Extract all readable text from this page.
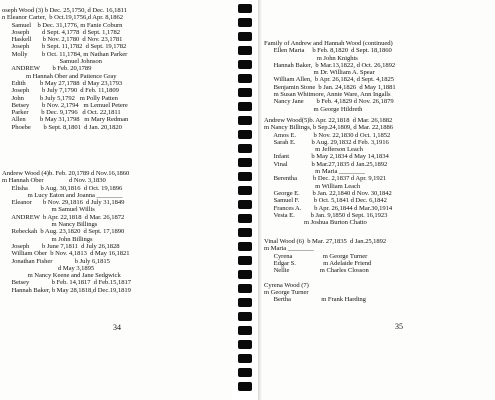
oseph Wood (3) b Dec. 25,1750, d Dec. 16,1811
n Eleanor Carter,  b Oct.19,1756,d Apr. 8,1862
Samuel    b Dec. 31,1776, m Fanie Coburn
Joseph        d Sept. 4,1778  d Sept. 1,1782
Haskell       b Nov. 2,1780  d Nov. 23,1781
Joseph        b Sept. 11,1782  d Sept. 19,1782
Molly         b Oct. 11,1784, m Nathan Parker
Samuel Johnson
ANDREW        b Feb. 20,1789
m Hannah Ober and Patience Gray
Edith         b May 27,1788  d May 23,1793
Joseph        b July 7,1790  d Feb. 11,1809
John          b July 5,1792   m Polly Patten
Betsey        b Nov. 2,1794   m Lemuel Petere
Parker        b Dec. 9,1796   d Oct. 22,1811
Allen         b May 31,1798   m Mary Redman
Phoebe        b Sept. 8,1801  d Jan. 20,1820
Andrew Wood (4)b. Feb. 20,1789 d Nov.16,1860
m Hannah Ober                d Nov. 3,1830
Elisha        b Aug. 30,1816  d Oct. 19,1896
m Lucy Eaton and Joanna ________
Eleanor       b Nov. 29,1816  d July 31,1849
m Samuel Willis
ANDREW  b Apr. 22,1818  d Mar. 26,1872
m Nancy Billings
Rebeckah  b Aug. 23,1820  d Sept. 17,1890
m John Billings
Joseph        b June 7,1811  d July 26,1828
William Ober  b Nov. 4,1813  d May 16,1821
Jonathan Fisher              b July 6,1815
d May 3,1895
m Nancy Keene and Jane Sedgwick
Betsey              b Feb. 14,1817  d Feb.15,1817
Hannah Baker, b May 28,1818,d Dec.19,1819
34
Family of Andrew and Hannah Wood (continued)
Ellen Maria     b Feb. 8,1820  d Sept. 18,1860
m John Knights
Hannah Baker,  b Mar.13,1822, d Oct. 26,1892
m Dr. William A. Spear
William Allen,  b Apr. 26,1824, d Sept. 4,1825
Benjamin Stone  b Jan. 24,1826  d May 1,1881
m Susan Whitmore, Annie Ware, Ann Ingalls
Nancy Jane        b Feb. 4,1829 d Nov. 26,1879
m George Hildreth
Andrew Wood(5)b. Apr. 22,1818  d Mar. 26,1882
m Nancy Billings, b Sep.24,1809, d Mar. 22,1886
Amos E.           b Nov. 22,1830 d Oct. 1,1852
Sarah E.          b Aug. 29,1832 d Feb. 3,1916
m Jefferson Leach
Infant              b May 2,1834 d May 14,1834
Vinal               b Mar.27,1835 d Jan.25,1892
m Maria ________
Berentha          b Dec. 2,1837 d Apr. 9,1921
m William Leach
George E.        b Jan. 22,1840 d Nov. 30,1842
Samuel F.         b Oct. 5,1841 d Dec. 6,1842
Frances A.        b Apr. 26,1844 d Mar.30,1914
Vesta E.          b Jan. 9,1850 d Sept. 16,1923
m Joshua Burton Chatto
Vinal Wood (6)  b Mar. 27,1835  d Jan.25,1892
m Maria ________
Cyrena                   m George Turner
Edgar S.                 m Adelaide Friend
Nellie                   m Charles Closson

Cyrena Wood (7)
m George Turner
Bertha                   m Frank Harding
35
